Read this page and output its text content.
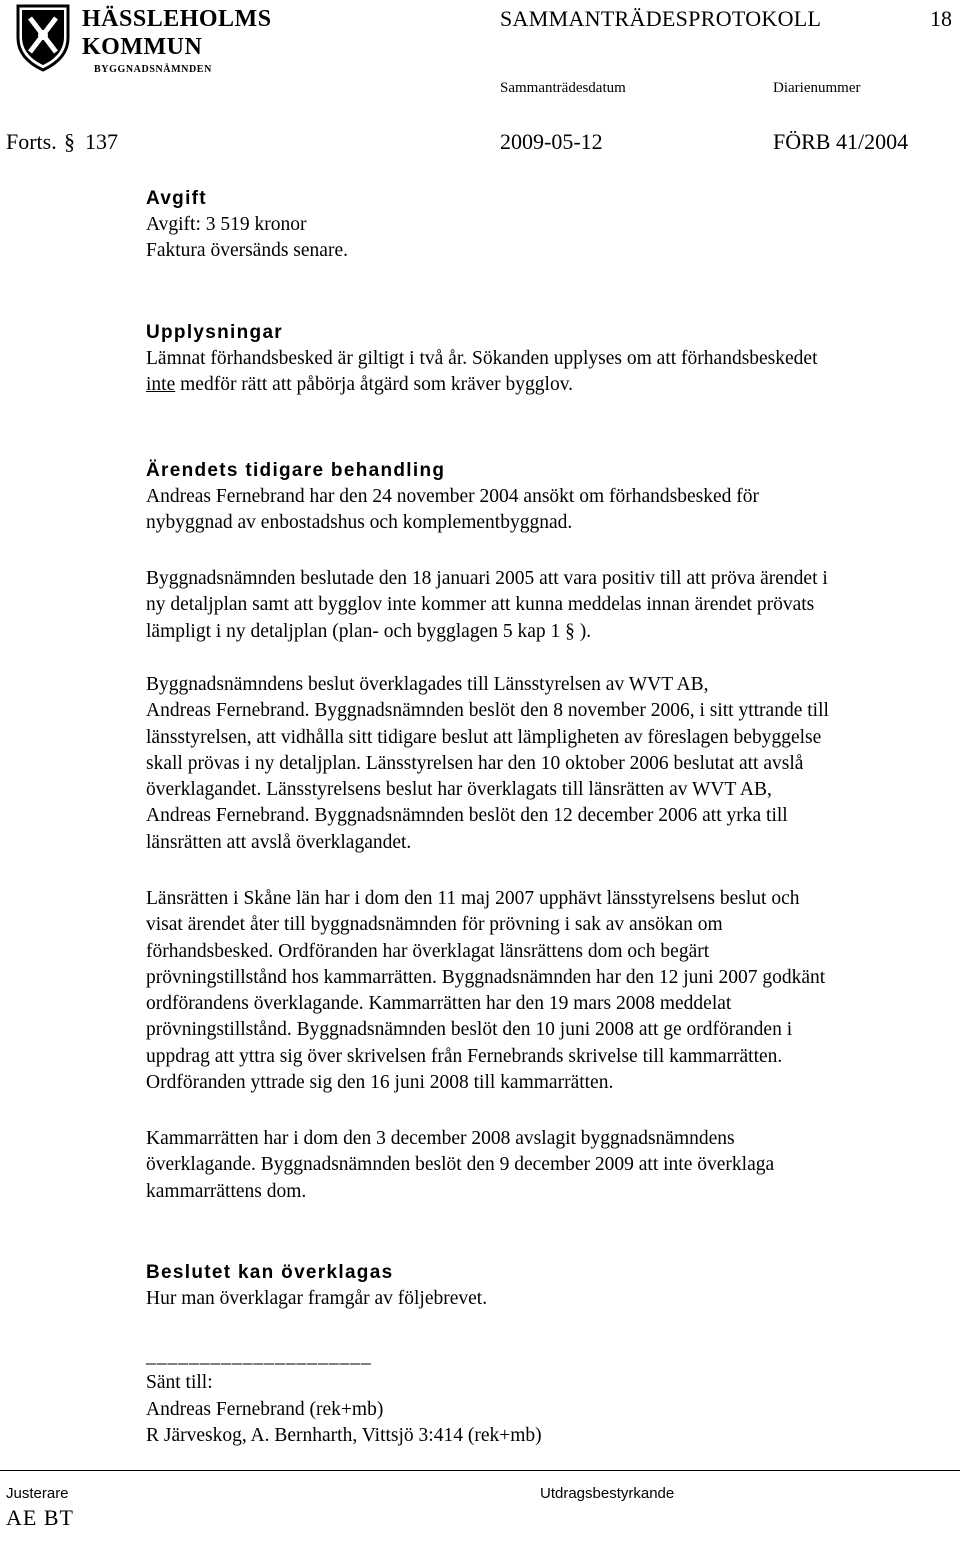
HÄSSLEHOLMS
KOMMUN
BYGGNADSNÄMNDEN
SAMMANTRÄDESPROTOKOLL	18
Sammanträdesdatum	Diarienummer
Forts. § 137	2009-05-12	FÖRB 41/2004

Avgift

Avgift: 3 519 kronor

Faktura översänds senare.

Upplysningar

Lämnat förhandsbesked är giltigt i två år. Sökanden upplyses om att förhandsbeskedet

inte medför rätt att påbörja åtgärd som kräver bygglov.

Ärendets tidigare behandling

Andreas Fernebrand har den 24 november 2004 ansökt om förhandsbesked för

nybyggnad av enbostadshus och komplementbyggnad.

Byggnadsnämnden beslutade den 18 januari 2005 att vara positiv till att pröva ärendet i

ny detaljplan samt att bygglov inte kommer att kunna meddelas innan ärendet prövats

lämpligt i ny detaljplan (plan- och bygglagen 5 kap 1 § ).

Byggnadsnämndens beslut överklagades till Länsstyrelsen av WVT AB,

Andreas Fernebrand. Byggnadsnämnden beslöt den 8 november 2006, i sitt yttrande till

länsstyrelsen, att vidhålla sitt tidigare beslut att lämpligheten av föreslagen bebyggelse

skall prövas i ny detaljplan. Länsstyrelsen har den 10 oktober 2006 beslutat att avslå

överklagandet. Länsstyrelsens beslut har överklagats till länsrätten av WVT AB,

Andreas Fernebrand. Byggnadsnämnden beslöt den 12 december 2006 att yrka till

länsrätten att avslå överklagandet.

Länsrätten i Skåne län har i dom den 11 maj 2007 upphävt länsstyrelsens beslut och

visat ärendet åter till byggnadsnämnden för prövning i sak av ansökan om

förhandsbesked. Ordföranden har överklagat länsrättens dom och begärt

prövningstillstånd hos kammarrätten. Byggnadsnämnden har den 12 juni 2007 godkänt

ordförandens överklagande. Kammarrätten har den 19 mars 2008 meddelat

prövningstillstånd. Byggnadsnämnden beslöt den 10 juni 2008 att ge ordföranden i

uppdrag att yttra sig över skrivelsen från Fernebrands skrivelse till kammarrätten.

Ordföranden yttrade sig den 16 juni 2008 till kammarrätten.

Kammarrätten har i dom den 3 december 2008 avslagit byggnadsnämndens

överklagande. Byggnadsnämnden beslöt den 9 december 2009 att inte överklaga

kammarrättens dom.

Beslutet kan överklagas

Hur man överklagar framgår av följebrevet.

_____________________

Sänt till:

Andreas Fernebrand (rek+mb)

R Järveskog, A. Bernharth, Vittsjö 3:414 (rek+mb)

Justerare
AE BT
Utdragsbestyrkande
